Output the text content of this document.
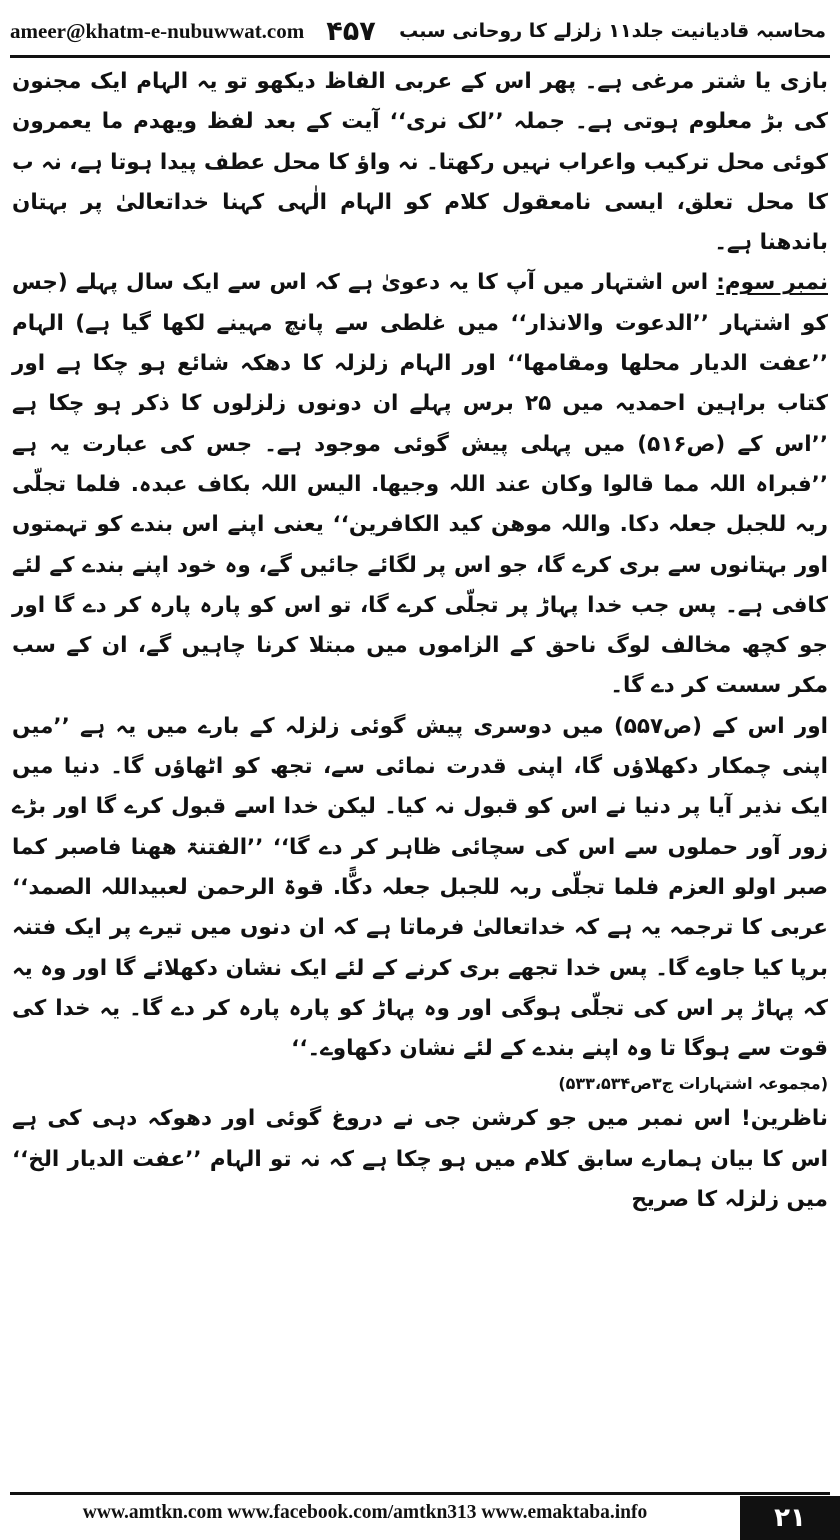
ameer@khatm-e-nubuwwat.com ۴۵۷	محاسبہ قادیانیت جلد۱۱ زلزلے کا روحانی سبب

بازی یا شتر مرغی ہے۔ پھر اس کے عربی الفاظ دیکھو تو یہ الہام ایک مجنون کی بڑ معلوم ہوتی ہے۔ جملہ ’’لک نری‘‘ آیت کے بعد لفظ ویھدم ما یعمرون کوئی محل ترکیب واعراب نہیں رکھتا۔ نہ واؤ کا محل عطف پیدا ہوتا ہے، نہ ب کا محل تعلق، ایسی نامعقول کلام کو الہام الٰہی کہنا خداتعالیٰ پر بہتان باندھنا ہے۔

نمبر سوم: اس اشتہار میں آپ کا یہ دعویٰ ہے کہ اس سے ایک سال پہلے (جس کو اشتہار ’’الدعوت والانذار‘‘ میں غلطی سے پانچ مہینے لکھا گیا ہے) الہام ’’عفت الدیار محلھا ومقامھا‘‘ اور الہام زلزلہ کا دھکہ شائع ہو چکا ہے اور کتاب براہین احمدیہ میں ۲۵ برس پہلے ان دونوں زلزلوں کا ذکر ہو چکا ہے ’’اس کے (ص۵۱۶) میں پہلی پیش گوئی موجود ہے۔ جس کی عبارت یہ ہے ’’فبراہ اللہ مما قالوا وکان عند اللہ وجیھا. الیس اللہ بکاف عبدہ. فلما تجلّی ربہ للجبل جعلہ دکا. واللہ موھن کید الکافرین‘‘ یعنی اپنے اس بندے کو تہمتوں اور بہتانوں سے بری کرے گا، جو اس پر لگائے جائیں گے، وہ خود اپنے بندے کے لئے کافی ہے۔ پس جب خدا پہاڑ پر تجلّی کرے گا، تو اس کو پارہ پارہ کر دے گا اور جو کچھ مخالف لوگ ناحق کے الزاموں میں مبتلا کرنا چاہیں گے، ان کے سب مکر سست کر دے گا۔

اور اس کے (ص۵۵۷) میں دوسری پیش گوئی زلزلہ کے بارے میں یہ ہے ’’میں اپنی چمکار دکھلاؤں گا، اپنی قدرت نمائی سے، تجھ کو اٹھاؤں گا۔ دنیا میں ایک نذیر آیا پر دنیا نے اس کو قبول نہ کیا۔ لیکن خدا اسے قبول کرے گا اور بڑے زور آور حملوں سے اس کی سچائی ظاہر کر دے گا‘‘ ’’الفتنۃ ھھنا فاصبر کما صبر اولو العزم فلما تجلّی ربہ للجبل جعلہ دکًّا. قوۃ الرحمن لعبیداللہ الصمد‘‘ عربی کا ترجمہ یہ ہے کہ خداتعالیٰ فرماتا ہے کہ ان دنوں میں تیرے پر ایک فتنہ برپا کیا جاوے گا۔ پس خدا تجھے بری کرنے کے لئے ایک نشان دکھلائے گا اور وہ یہ کہ پہاڑ پر اس کی تجلّی ہوگی اور وہ پہاڑ کو پارہ پارہ کر دے گا۔ یہ خدا کی قوت سے ہوگا تا وہ اپنے بندے کے لئے نشان دکھاوے۔‘‘

(مجموعہ اشتہارات ج۳ص۵۳۳،۵۳۴)

ناظرین! اس نمبر میں جو کرشن جی نے دروغ گوئی اور دھوکہ دہی کی ہے اس کا بیان ہمارے سابق کلام میں ہو چکا ہے کہ نہ تو الہام ’’عفت الدیار الخ‘‘ میں زلزلہ کا صریح

www.amtkn.com www.facebook.com/amtkn313 www.emaktaba.info	۲۱
